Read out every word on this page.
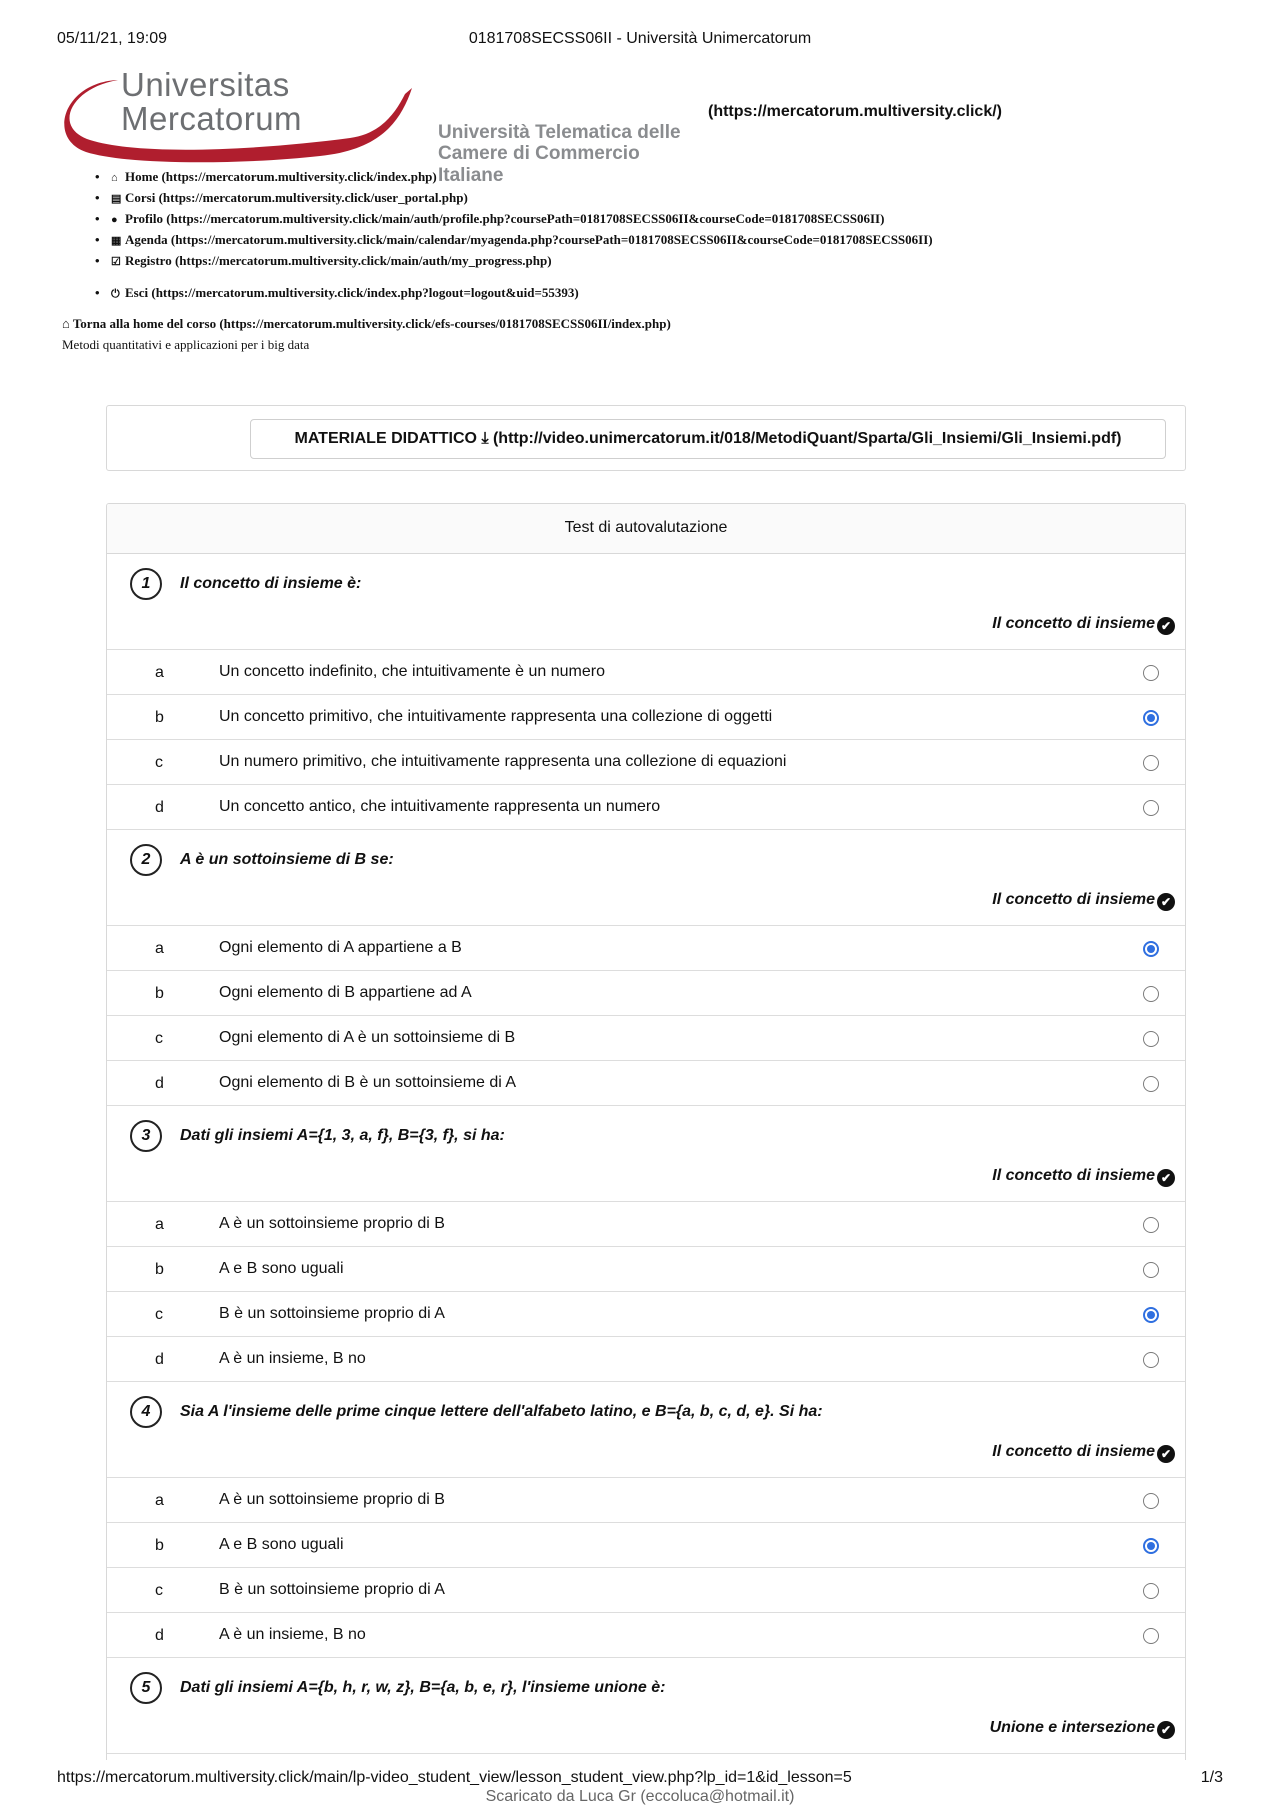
05/11/21, 19:09	0181708SECSS06II - Università Unimercatorum
Universitas
Mercatorum	Università Telematica delle
Camere di Commercio Italiane
(https://mercatorum.multiversity.click/)
• ⌂ Home (https://mercatorum.multiversity.click/index.php)
• ▤ Corsi (https://mercatorum.multiversity.click/user_portal.php)
• ● Profilo (https://mercatorum.multiversity.click/main/auth/profile.php?coursePath=0181708SECSS06II&courseCode=0181708SECSS06II)
• ▦ Agenda (https://mercatorum.multiversity.click/main/calendar/myagenda.php?coursePath=0181708SECSS06II&courseCode=0181708SECSS06II)
• ☑ Registro (https://mercatorum.multiversity.click/main/auth/my_progress.php)
• ⏻ Esci (https://mercatorum.multiversity.click/index.php?logout=logout&uid=55393)
⌂ Torna alla home del corso (https://mercatorum.multiversity.click/efs-courses/0181708SECSS06II/index.php)
Metodi quantitativi e applicazioni per i big data
MATERIALE DIDATTICO ⤓ (http://video.unimercatorum.it/018/MetodiQuant/Sparta/Gli_Insiemi/Gli_Insiemi.pdf)
Test di autovalutazione
1	Il concetto di insieme è:
Il concetto di insieme ✔
a	Un concetto indefinito, che intuitivamente è un numero
b	Un concetto primitivo, che intuitivamente rappresenta una collezione di oggetti
c	Un numero primitivo, che intuitivamente rappresenta una collezione di equazioni
d	Un concetto antico, che intuitivamente rappresenta un numero
2	A è un sottoinsieme di B se:
Il concetto di insieme ✔
a	Ogni elemento di A appartiene a B
b	Ogni elemento di B appartiene ad A
c	Ogni elemento di A è un sottoinsieme di B
d	Ogni elemento di B è un sottoinsieme di A
3	Dati gli insiemi A={1, 3, a, f}, B={3, f}, si ha:
Il concetto di insieme ✔
a	A è un sottoinsieme proprio di B
b	A e B sono uguali
c	B è un sottoinsieme proprio di A
d	A è un insieme, B no
4	Sia A l'insieme delle prime cinque lettere dell'alfabeto latino, e B={a, b, c, d, e}. Si ha:
Il concetto di insieme ✔
a	A è un sottoinsieme proprio di B
b	A e B sono uguali
c	B è un sottoinsieme proprio di A
d	A è un insieme, B no
5	Dati gli insiemi A={b, h, r, w, z}, B={a, b, e, r}, l'insieme unione è:
Unione e intersezione ✔
https://mercatorum.multiversity.click/main/lp-video_student_view/lesson_student_view.php?lp_id=1&id_lesson=5	1/3
Scaricato da Luca Gr (eccoluca@hotmail.it)
